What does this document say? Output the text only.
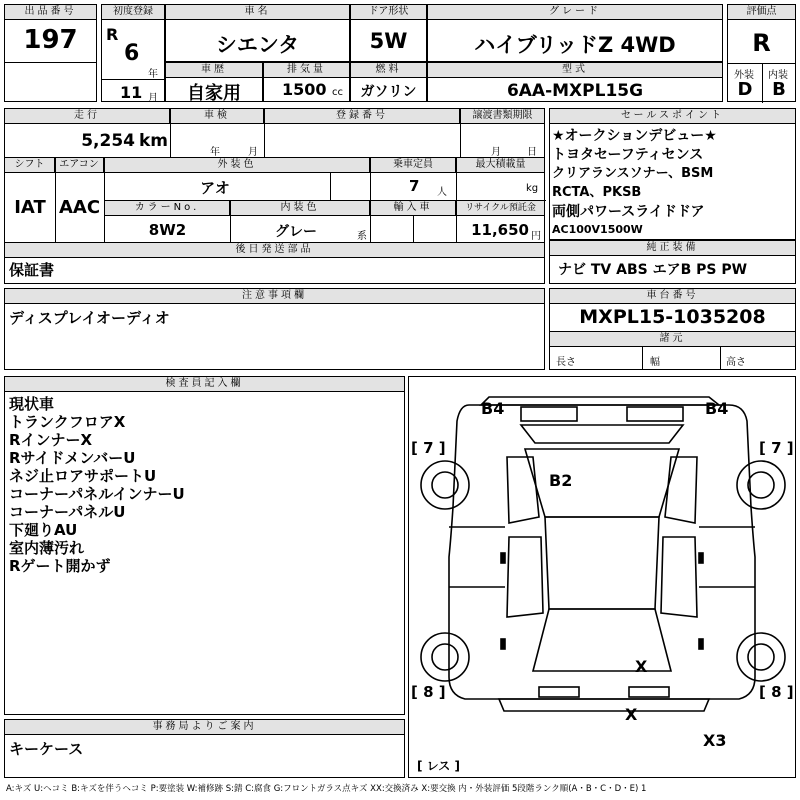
出品番号
197
初度登録
R
6
年
11 月
車名
シエンタ
ドア形状
5W
グレード
ハイブリッドZ 4WD
評価点
R
外装 内装
D	B
車歴
自家用
排気量
1500 cc
燃料
ガソリン
型式
6AA-MXPL15G
走行
5,254 km
車検
年	月
登録番号	譲渡書類期限
月	日
シフト	エアコン
IAT AAC
外装色
アオ
乗車定員
7 人
最大積載量
kg
カラーNo.
8W2
内装色
グレー	系
輸入車	リサイクル預託金
11,650 円
後日発送部品
保証書
セールスポイント
★オークションデビュー★
トヨタセーフティセンス
クリアランスソナー、BSM
RCTA、PKSB
両側パワースライドドア
AC100V1500W
純正装備
ナビ TV ABS エアB PS PW
注意事項欄
ディスプレイオーディオ
車台番号
MXPL15-1035208
諸元
長さ	幅	高さ
検査員記入欄
現状車
トランクフロアX
RインナーX
RサイドメンバーU
ネジ止ロアサポートU
コーナーパネルインナーU
コーナーパネルU
下廻りAU
室内薄汚れ
Rゲート開かず
B4	B4
B2
[ 7 ]	[ 7 ]
[ 8 ]	[ 8 ]
X
X
X3
[ レス ]
事務局よりご案内
キーケース
A:キズ U:ヘコミ B:キズを伴うヘコミ P:要塗装 W:補修跡 S:錆 C:腐食 G:フロントガラス点キズ XX:交換済み X:要交換 内・外装評価 5段階ランク順(A・B・C・D・E) 1
